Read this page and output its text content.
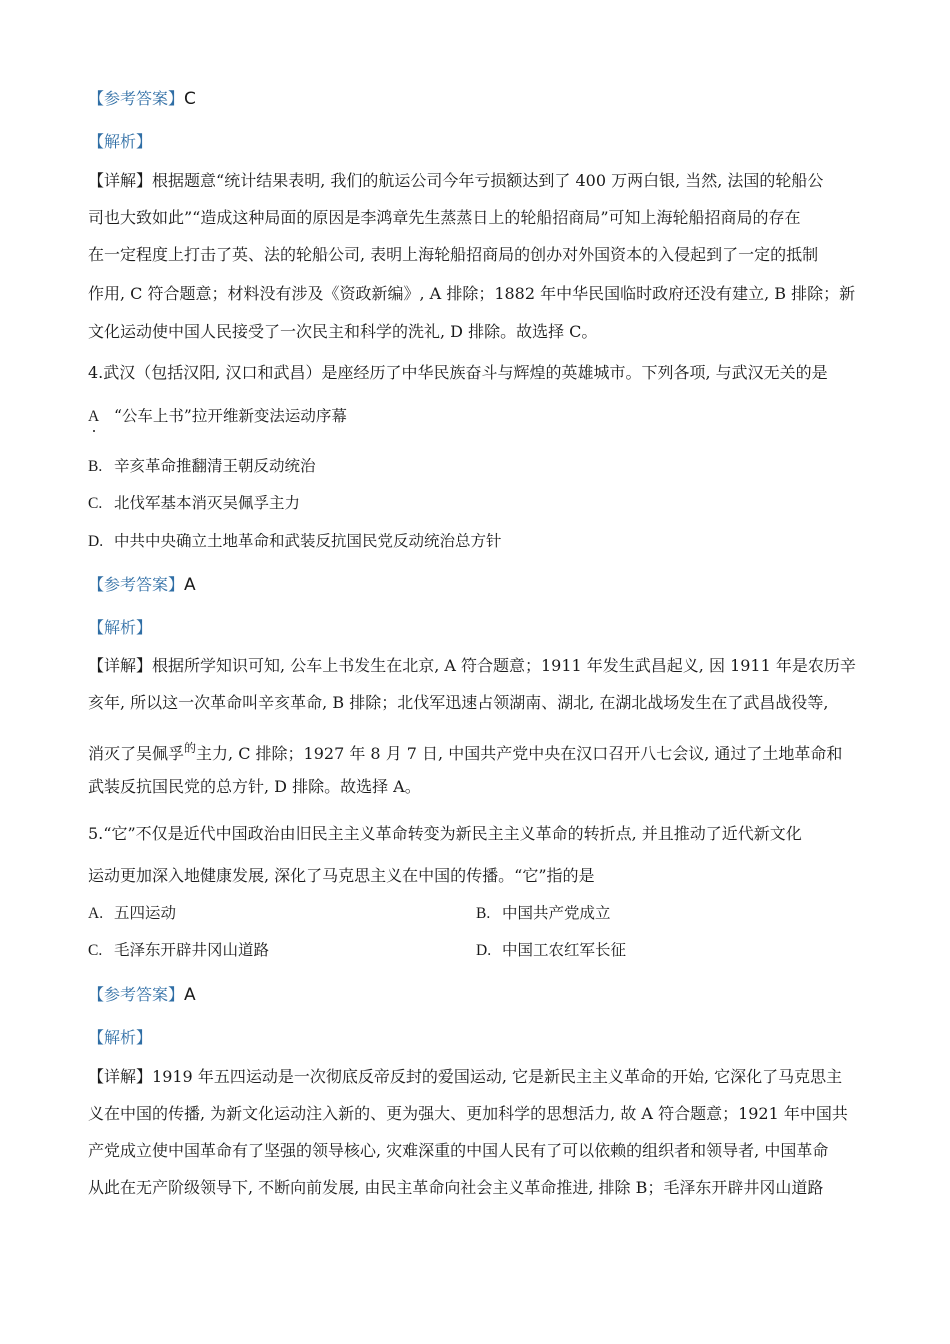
【参考答案】C
【解析】
【详解】根据题意“统计结果表明, 我们的航运公司今年亏损额达到了 400 万两白银, 当然, 法国的轮船公
司也大致如此”“造成这种局面的原因是李鸿章先生蒸蒸日上的轮船招商局”可知上海轮船招商局的存在
在一定程度上打击了英、法的轮船公司, 表明上海轮船招商局的创办对外国资本的入侵起到了一定的抵制
作用, C 符合题意；材料没有涉及《资政新编》, A 排除；1882 年中华民国临时政府还没有建立, B 排除；新
文化运动使中国人民接受了一次民主和科学的洗礼, D 排除。故选择 C。
4.武汉（包括汉阳, 汉口和武昌）是座经历了中华民族奋斗与辉煌的英雄城市。下列各项, 与武汉无关的是
A “公车上书”拉开维新变法运动序幕
B. 辛亥革命推翻清王朝反动统治
C. 北伐军基本消灭吴佩孚主力
D. 中共中央确立土地革命和武装反抗国民党反动统治总方针
【参考答案】A
【解析】
【详解】根据所学知识可知, 公车上书发生在北京, A 符合题意；1911 年发生武昌起义, 因 1911 年是农历辛
亥年, 所以这一次革命叫辛亥革命, B 排除；北伐军迅速占领湖南、湖北, 在湖北战场发生在了武昌战役等,
消灭了吴佩孚$^的$主力, C 排除；1927 年 8 月 7 日, 中国共产党中央在汉口召开八七会议, 通过了土地革命和
武装反抗国民党的总方针, D 排除。故选择 A。
5.“它”不仅是近代中国政治由旧民主主义革命转变为新民主主义革命的转折点, 并且推动了近代新文化
运动更加深入地健康发展, 深化了马克思主义在中国的传播。“它”指的是
A. 五四运动	B. 中国共产党成立
C. 毛泽东开辟井冈山道路	D. 中国工农红军长征
【参考答案】A
【解析】
【详解】1919 年五四运动是一次彻底反帝反封的爱国运动, 它是新民主主义革命的开始, 它深化了马克思主
义在中国的传播, 为新文化运动注入新的、更为强大、更加科学的思想活力, 故 A 符合题意；1921 年中国共
产党成立使中国革命有了坚强的领导核心, 灾难深重的中国人民有了可以依赖的组织者和领导者, 中国革命
从此在无产阶级领导下, 不断向前发展, 由民主革命向社会主义革命推进, 排除 B；毛泽东开辟井冈山道路
